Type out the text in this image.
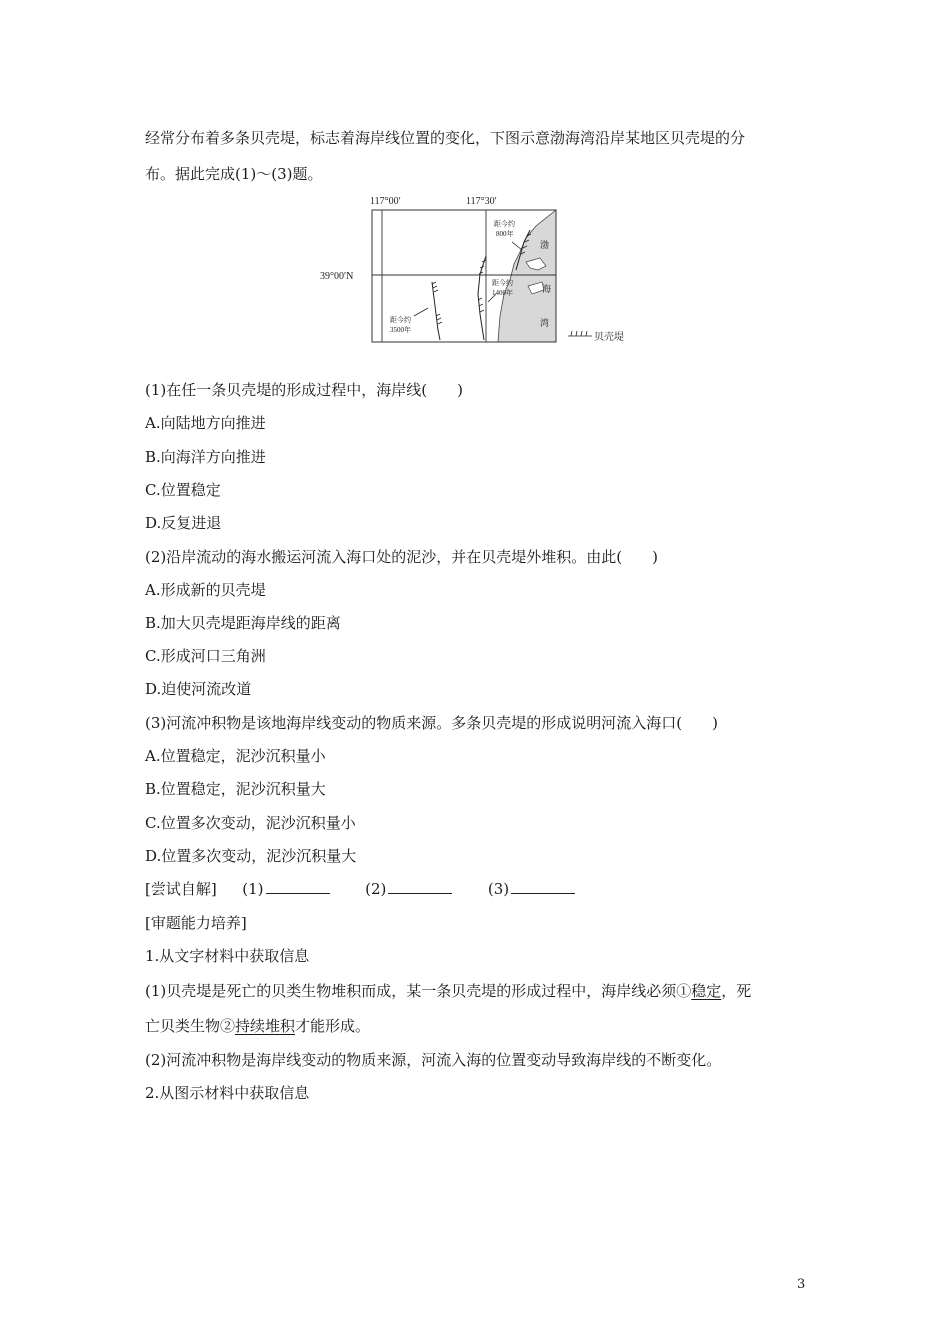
经常分布着多条贝壳堤，标志着海岸线位置的变化，下图示意渤海湾沿岸某地区贝壳堤的分
布。据此完成(1)～(3)题。
117°00′	117°30′
39°00′N
渤
海
湾
距今约
800年
距今约
1400年
距今约
3500年
贝壳堤
(1)在任一条贝壳堤的形成过程中，海岸线(　　)
A.向陆地方向推进
B.向海洋方向推进
C.位置稳定
D.反复进退
(2)沿岸流动的海水搬运河流入海口处的泥沙，并在贝壳堤外堆积。由此(　　)
A.形成新的贝壳堤
B.加大贝壳堤距海岸线的距离
C.形成河口三角洲
D.迫使河流改道
(3)河流冲积物是该地海岸线变动的物质来源。多条贝壳堤的形成说明河流入海口(　　)
A.位置稳定，泥沙沉积量小
B.位置稳定，泥沙沉积量大
C.位置多次变动，泥沙沉积量小
D.位置多次变动，泥沙沉积量大
[尝试自解] (1)	(2)	(3)
[审题能力培养]
1.从文字材料中获取信息
(1)贝壳堤是死亡的贝类生物堆积而成，某一条贝壳堤的形成过程中，海岸线必须①稳定，死
亡贝类生物②持续堆积才能形成。
(2)河流冲积物是海岸线变动的物质来源，河流入海的位置变动导致海岸线的不断变化。
2.从图示材料中获取信息
3
